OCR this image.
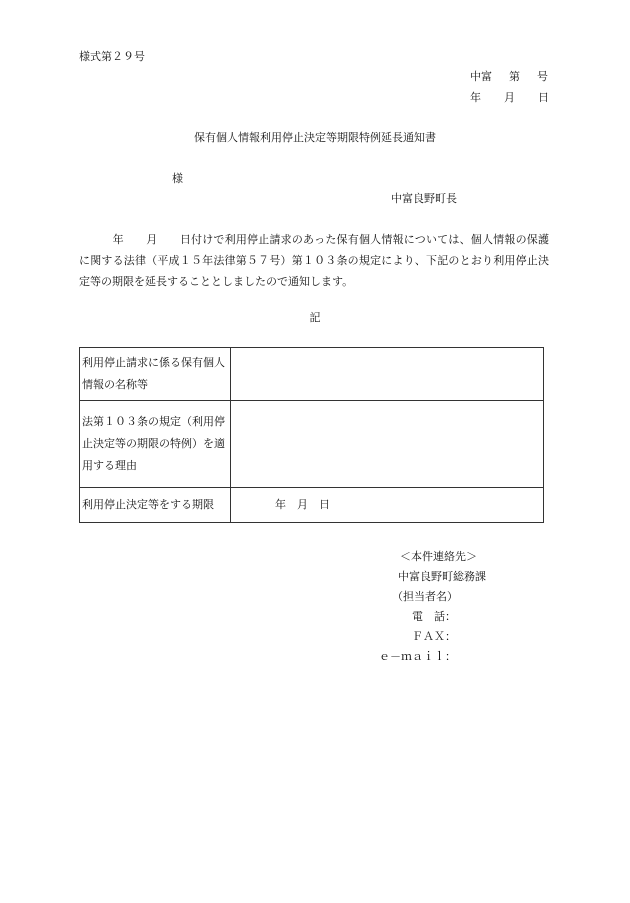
様式第２９号
中富 第 号
年 月 日
保有個人情報利用停止決定等期限特例延長通知書
様
中富良野町長
　　　年　　月　　日付けで利用停止請求のあった保有個人情報については、個人情報の保護に関する法律（平成１５年法律第５７号）第１０３条の規定により、下記のとおり利用停止決定等の期限を延長することとしましたので通知します。
記
利用停止請求に係る保有個人情報の名称等	
法第１０３条の規定（利用停止決定等の期限の特例）を適用する理由	
利用停止決定等をする期限	年　月　日
＜本件連絡先＞
中富良野町総務課
（担当者名）
電　話：
ＦＡＸ：
ｅ－ｍａｉｌ：
